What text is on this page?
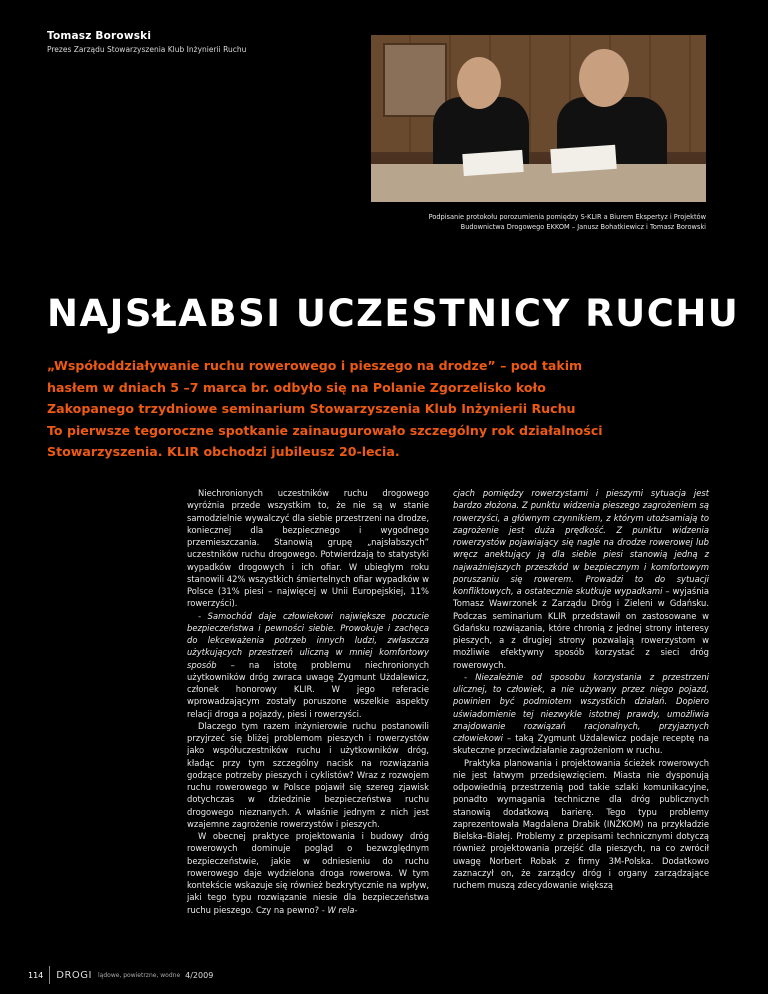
Tomasz Borowski
Prezes Zarządu Stowarzyszenia Klub Inżynierii Ruchu
Podpisanie protokołu porozumienia pomiędzy S-KLIR a Biurem Ekspertyz i Projektów
Budownictwa Drogowego EKKOM – Janusz Bohatkiewicz i Tomasz Borowski
NAJSŁABSI UCZESTNICY RUCHU

„Współoddziaływanie ruchu rowerowego i pieszego na drodze” – pod takim

hasłem w dniach 5 –7 marca br. odbyło się na Polanie Zgorzelisko koło

Zakopanego trzydniowe seminarium Stowarzyszenia Klub Inżynierii Ruchu

To pierwsze tegoroczne spotkanie zainaugurowało szczególny rok działalności

Stowarzyszenia. KLIR obchodzi jubileusz 20-lecia.

Niechronionych uczestników ruchu drogowego wyróżnia przede wszystkim to, że nie są w stanie samodzielnie wywalczyć dla siebie przestrzeni na drodze, koniecznej dla bezpiecznego i wygodnego przemieszczania. Stanowią grupę „najsłabszych” uczestników ruchu drogowego. Potwierdzają to statystyki wypadków drogowych i ich ofiar. W ubiegłym roku stanowili 42% wszystkich śmiertelnych ofiar wypadków w Polsce (31% piesi – najwięcej w Unii Europejskiej, 11% rowerzyści).

- Samochód daje człowiekowi największe poczucie bezpieczeństwa i pewności siebie. Prowokuje i zachęca do lekceważenia potrzeb innych ludzi, zwłaszcza użytkujących przestrzeń uliczną w mniej komfortowy sposób – na istotę problemu niechronionych użytkowników dróg zwraca uwagę Zygmunt Użdalewicz, członek honorowy KLIR. W jego referacie wprowadzającym zostały poruszone wszelkie aspekty relacji droga a pojazdy, piesi i rowerzyści.

Dlaczego tym razem inżynierowie ruchu postanowili przyjrzeć się bliżej problemom pieszych i rowerzystów jako współuczestników ruchu i użytkowników dróg, kładąc przy tym szczególny nacisk na rozwiązania godzące potrzeby pieszych i cyklistów? Wraz z rozwojem ruchu rowerowego w Polsce pojawił się szereg zjawisk dotychczas w dziedzinie bezpieczeństwa ruchu drogowego nieznanych. A właśnie jednym z nich jest wzajemne zagrożenie rowerzystów i pieszych.

W obecnej praktyce projektowania i budowy dróg rowerowych dominuje pogląd o bezwzględnym bezpieczeństwie, jakie w odniesieniu do ruchu rowerowego daje wydzielona droga rowerowa. W tym kontekście wskazuje się również bezkrytycznie na wpływ, jaki tego typu rozwiązanie niesie dla bezpieczeństwa ruchu pieszego. Czy na pewno? - W rela-

cjach pomiędzy rowerzystami i pieszymi sytuacja jest bardzo złożona. Z punktu widzenia pieszego zagrożeniem są rowerzyści, a głównym czynnikiem, z którym utożsamiają to zagrożenie jest duża prędkość. Z punktu widzenia rowerzystów pojawiający się nagle na drodze rowerowej lub wręcz anektujący ją dla siebie piesi stanowią jedną z najważniejszych przeszkód w bezpiecznym i komfortowym poruszaniu się rowerem. Prowadzi to do sytuacji konfliktowych, a ostatecznie skutkuje wypadkami – wyjaśnia Tomasz Wawrzonek z Zarządu Dróg i Zieleni w Gdańsku. Podczas seminarium KLIR przedstawił on zastosowane w Gdańsku rozwiązania, które chronią z jednej strony interesy pieszych, a z drugiej strony pozwalają rowerzystom w możliwie efektywny sposób korzystać z sieci dróg rowerowych.

- Niezależnie od sposobu korzystania z przestrzeni ulicznej, to człowiek, a nie używany przez niego pojazd, powinien być podmiotem wszystkich działań. Dopiero uświadomienie tej niezwykle istotnej prawdy, umożliwia znajdowanie rozwiązań racjonalnych, przyjaznych człowiekowi – taką Zygmunt Użdalewicz podaje receptę na skuteczne przeciwdziałanie zagrożeniom w ruchu.

Praktyka planowania i projektowania ścieżek rowerowych nie jest łatwym przedsięwzięciem. Miasta nie dysponują odpowiednią przestrzenią pod takie szlaki komunikacyjne, ponadto wymagania techniczne dla dróg publicznych stanowią dodatkową barierę. Tego typu problemy zaprezentowała Magdalena Drabik (INŻKOM) na przykładzie Bielska–Białej. Problemy z przepisami technicznymi dotyczą również projektowania przejść dla pieszych, na co zwrócił uwagę Norbert Robak z firmy 3M-Polska. Dodatkowo zaznaczył on, że zarządcy dróg i organy zarządzające ruchem muszą zdecydowanie większą

114 DROGI lądowe, powietrzne, wodne 4/2009
